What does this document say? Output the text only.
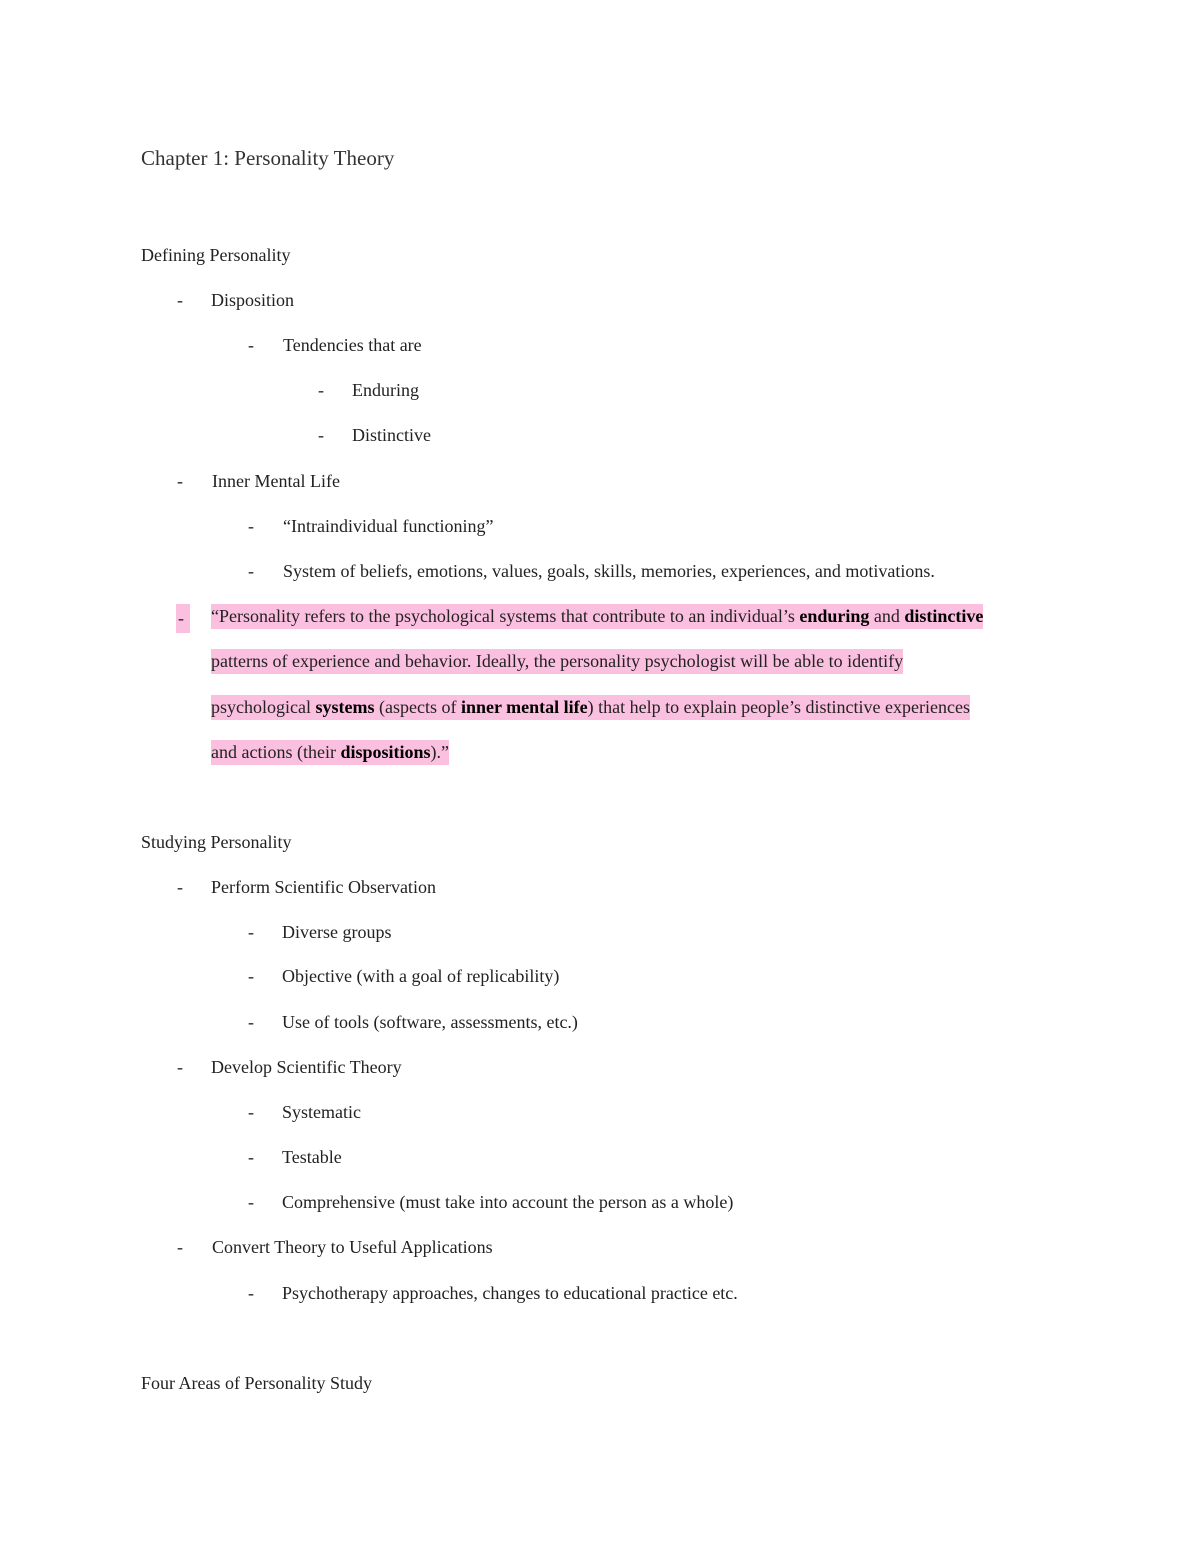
Chapter 1: Personality Theory
Defining Personality
- Disposition
- Tendencies that are
- Enduring
- Distinctive
- Inner Mental Life
- “Intraindividual functioning”
- System of beliefs, emotions, values, goals, skills, memories, experiences, and motivations.
-	“Personality refers to the psychological systems that contribute to an individual’s enduring and distinctive
patterns of experience and behavior. Ideally, the personality psychologist will be able to identify
psychological systems (aspects of inner mental life) that help to explain people’s distinctive experiences
and actions (their dispositions).”
Studying Personality
- Perform Scientific Observation
- Diverse groups
- Objective (with a goal of replicability)
- Use of tools (software, assessments, etc.)
- Develop Scientific Theory
- Systematic
- Testable
- Comprehensive (must take into account the person as a whole)
- Convert Theory to Useful Applications
- Psychotherapy approaches, changes to educational practice etc.
Four Areas of Personality Study
